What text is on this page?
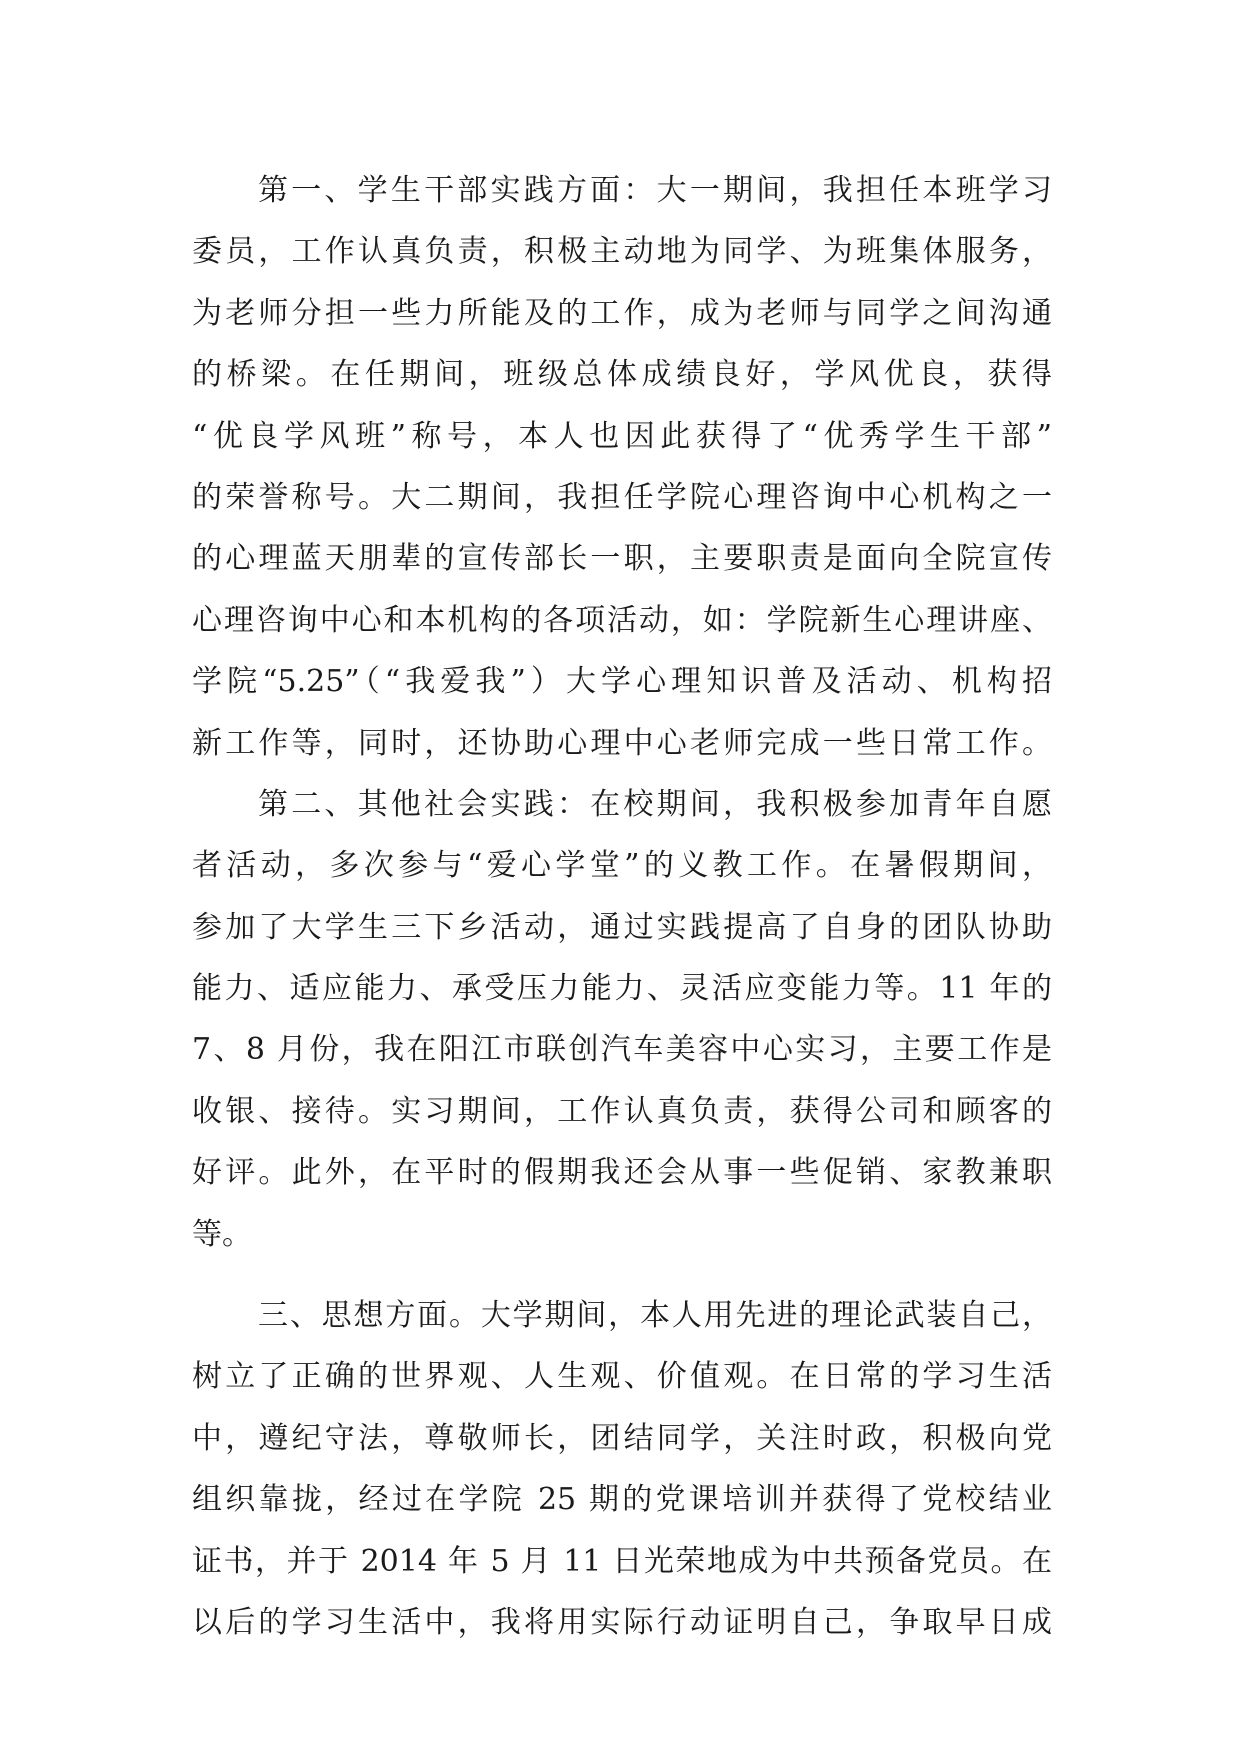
第一、学生干部实践方面：大一期间，我担任本班学习
委员，工作认真负责，积极主动地为同学、为班集体服务，
为老师分担一些力所能及的工作，成为老师与同学之间沟通
的桥梁。在任期间，班级总体成绩良好，学风优良，获得
“优良学风班”称号，本人也因此获得了“优秀学生干部”
的荣誉称号。大二期间，我担任学院心理咨询中心机构之一
的心理蓝天朋辈的宣传部长一职，主要职责是面向全院宣传
心理咨询中心和本机构的各项活动，如：学院新生心理讲座、
学院“5.25”（“我爱我”）大学心理知识普及活动、机构招
新工作等，同时，还协助心理中心老师完成一些日常工作。
第二、其他社会实践：在校期间，我积极参加青年自愿
者活动，多次参与“爱心学堂”的义教工作。在暑假期间，
参加了大学生三下乡活动，通过实践提高了自身的团队协助
能力、适应能力、承受压力能力、灵活应变能力等。11 年的
7、8 月份，我在阳江市联创汽车美容中心实习，主要工作是
收银、接待。实习期间，工作认真负责，获得公司和顾客的
好评。此外，在平时的假期我还会从事一些促销、家教兼职
等。
三、思想方面。大学期间，本人用先进的理论武装自己，
树立了正确的世界观、人生观、价值观。在日常的学习生活
中，遵纪守法，尊敬师长，团结同学，关注时政，积极向党
组织靠拢，经过在学院 25 期的党课培训并获得了党校结业
证书，并于 2014 年 5 月 11 日光荣地成为中共预备党员。在
以后的学习生活中，我将用实际行动证明自己，争取早日成
